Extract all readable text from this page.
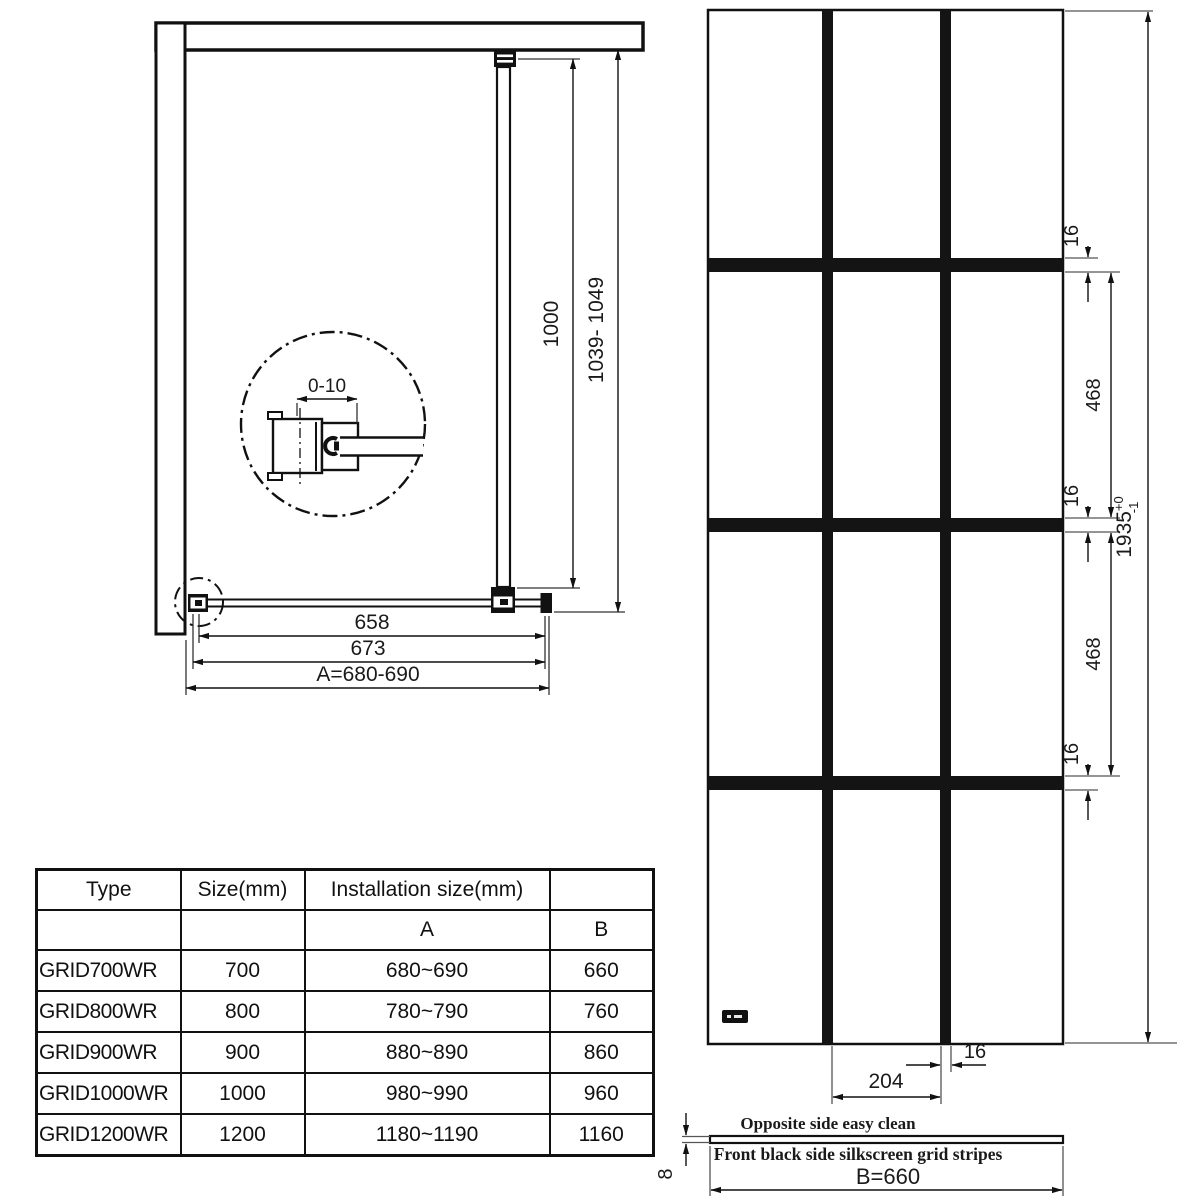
0-10
658
673
A=680-690
1000 1039- 1049
16
16
16
468
468
$1935^{+0}-1$
16
204
Opposite side easy clean
Front black side silkscreen grid stripes
8	B=660
Type	Size(mm)	Installation size(mm)	
		A	B
GRID700WR	700	680~690	660
GRID800WR	800	780~790	760
GRID900WR	900	880~890	860
GRID1000WR	1000	980~990	960
GRID1200WR	1200	1180~1190	1160
